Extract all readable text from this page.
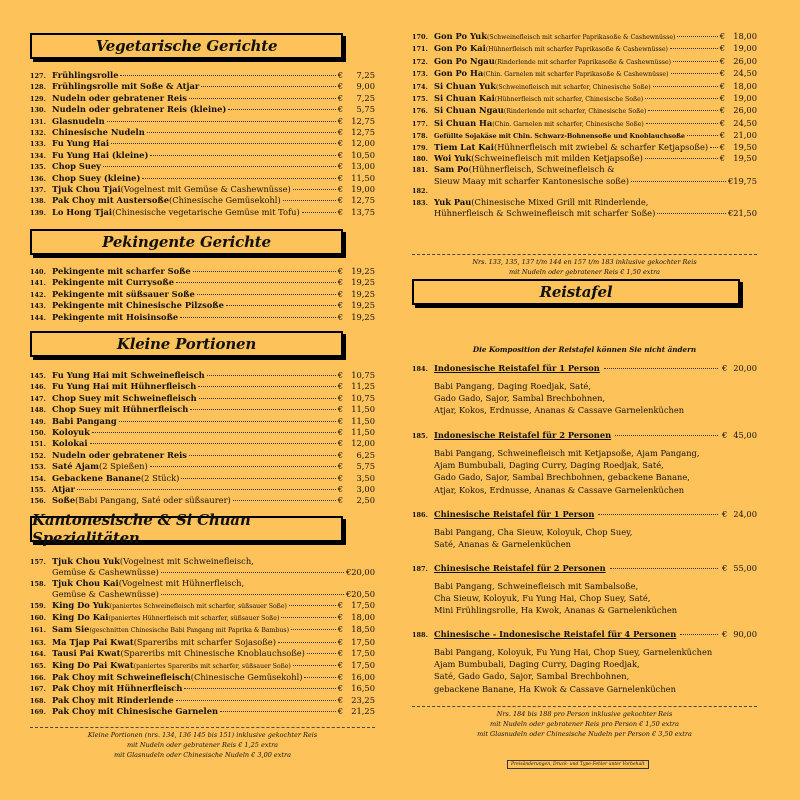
Vegetarische Gerichte
127. Frühlingsrolle	€ 7,25
128. Frühlingsrolle mit Soße & Atjar	€ 9,00
129. Nudeln oder gebratener Reis	€ 7,25
130. Nudeln oder gebratener Reis (kleine)	€ 5,75
131. Glasnudeln	€ 12,75
132. Chinesische Nudeln	€ 12,75
133. Fu Yung Hai	€ 12,00
134. Fu Yung Hai (kleine)	€ 10,50
135. Chop Suey	€ 13,00
136. Chop Suey (kleine)	€ 11,50
137. Tjuk Chou Tjai (Vogelnest mit Gemüse & Cashewnüsse)	€ 19,00
138. Pak Choy mit Austersoße (Chinesische Gemüsekohl)	€ 12,75
139. Lo Hong Tjai (Chinesische vegetarische Gemüse mit Tofu)	€ 13,75
Pekingente Gerichte
140. Pekingente mit scharfer Soße	€ 19,25
141. Pekingente mit Currysoße	€ 19,25
142. Pekingente mit süßsauer Soße	€ 19,25
143. Pekingente mit Chinesische Pilzsoße	€ 19,25
144. Pekingente mit Hoisinsoße	€ 19,25
Kleine Portionen
145. Fu Yung Hai mit Schweinefleisch	€ 10,75
146. Fu Yung Hai mit Hühnerfleisch	€ 11,25
147. Chop Suey mit Schweinefleisch	€ 10,75
148. Chop Suey mit Hühnerfleisch	€ 11,50
149. Babi Pangang	€ 11,50
150. Koloyuk	€ 11,50
151. Kolokai	€ 12,00
152. Nudeln oder gebratener Reis	€ 6,25
153. Saté Ajam (2 Spießen)	€ 5,75
154. Gebackene Banane (2 Stück)	€ 3,50
155. Atjar	€ 3,00
156. Soße (Babi Pangang, Saté oder süßsaurer)	€ 2,50
Kantonesische & Si Chuan Spezialitäten
157. Tjuk Chou Yuk (Vogelnest mit Schweinefleisch,
Gemüse & Cashewnüsse)	€20,00
158. Tjuk Chou Kai (Vogelnest mit Hühnerfleisch,
Gemüse & Cashewnüsse)	€20,50
159. King Do Yuk (paniertes Schweinefleisch mit scharfer, süßsauer Soße)	€ 17,50
160. King Do Kai (paniertes Hühnerfleisch mit scharfer, süßsauer Soße)	€ 18,00
161. Sam Sie (geschnitten Chinesische Babi Pangang mit Paprika & Bambus)	€ 18,50
163. Ma Tjap Pai Kwat (Spareribs mit scharfer Sojasoße)	€ 17,50
164. Tausi Pai Kwat (Spareribs mit Chinesische Knoblauchsoße)	€ 17,50
165. King Do Pai Kwat (paniertes Spareribs mit scharfer, süßsauer Soße)	€ 17,50
166. Pak Choy mit Schweinefleisch (Chinesische Gemüsekohl)	€ 16,00
167. Pak Choy mit Hühnerfleisch	€ 16,50
168. Pak Choy mit Rinderlende	€ 23,25
169. Pak Choy mit Chinesische Garnelen	€ 21,25
Kleine Portionen (nrs. 134, 136 145 bis 151) inklusive gekochter Reis
mit Nudeln oder gebratener Reis € 1,25 extra
mit Glasnudeln oder Chinesische Nudeln € 3,00 extra
170. Gon Po Yuk (Schweinefleisch mit scharfer Paprikasoße & Cashewnüsse)	€ 18,00
171. Gon Po Kai (Hühnerfleisch mit scharfer Paprikasoße & Cashewnüsse)	€ 19,00
172. Gon Po Ngau (Rinderlende mit scharfer Paprikasoße & Cashewnüsse)	€ 26,00
173. Gon Po Ha (Chin. Garnelen mit scharfer Paprikasoße & Cashewnüsse)	€ 24,50
174. Si Chuan Yuk (Schweinefleisch mit scharfer, Chinesische Soße)	€ 18,00
175. Si Chuan Kai (Hühnerfleisch mit scharfer, Chinesische Soße)	€ 19,00
176. Si Chuan Ngau (Rinderlende mit scharfer, Chinesische Soße)	€ 26,00
177. Si Chuan Ha (Chin. Garnelen mit scharfer, Chinesische Soße)	€ 24,50
178. Gefüllte Sojakäse mit Chin. Schwarz-Bohnensoße und Knoblauchsoße	€ 21,00
179. Tiem Lat Kai (Hühnerfleisch mit zwiebel & scharfer Ketjapsoße) € 19,50
180. Woi Yuk (Schweinefleisch mit milden Ketjapsoße)	€ 19,50
181. Sam Po (Hühnerfleisch, Schweinefleisch &
Sieuw Maay mit scharfer Kantonesische soße)	€19,75
182.
183. Yuk Pau (Chinesische Mixed Grill mit Rinderlende,
Hühnerfleisch & Schweinefleisch mit scharfer Soße)	€21,50
Nrs. 133, 135, 137 t/m 144 en 157 t/m 183 inklusive gekochter Reis
mit Nudeln oder gebratener Reis € 1,50 extra
Reistafel
Die Komposition der Reistafel können Sie nicht ändern
184. Indonesische Reistafel für 1 Person	€ 20,00
Babi Pangang, Daging Roedjak, Saté,
Gado Gado, Sajor, Sambal Brechbohnen,
Atjar, Kokos, Erdnusse, Ananas & Cassave Garnelenküchen
185. Indonesische Reistafel für 2 Personen	€ 45,00
Babi Pangang, Schweinefleisch mit Ketjapsoße, Ajam Pangang,
Ajam Bumbubali, Daging Curry, Daging Roedjak, Saté,
Gado Gado, Sajor, Sambal Brechbohnen, gebackene Banane,
Atjar, Kokos, Erdnusse, Ananas & Cassave Garnelenküchen
186. Chinesische Reistafel für 1 Person	€ 24,00
Babi Pangang, Cha Sieuw, Koloyuk, Chop Suey,
Saté, Ananas & Garnelenküchen
187. Chinesische Reistafel für 2 Personen	€ 55,00
Babi Pangang, Schweinefleisch mit Sambalsoße,
Cha Sieuw, Koloyuk, Fu Yung Hai, Chop Suey, Saté,
Mini Frühlingsrolle, Ha Kwok, Ananas & Garnelenküchen
188. Chinesische - Indonesische Reistafel für 4 Personen	€ 90,00
Babi Pangang, Koloyuk, Fu Yung Hai, Chop Suey, Garnelenküchen
Ajam Bumbubali, Daging Curry, Daging Roedjak,
Saté, Gado Gado, Sajor, Sambal Brechbohnen,
gebackene Banane, Ha Kwok & Cassave Garnelenküchen
Nrs. 184 bis 188 pro Person inklusive gekochter Reis
mit Nudeln oder gebratener Reis pro Person € 1,50 extra
mit Glasnudeln oder Chinesische Nudeln per Person € 3,50 extra
Preisänderungen, Druck- und Type-Fehler unter Vorbehalt
